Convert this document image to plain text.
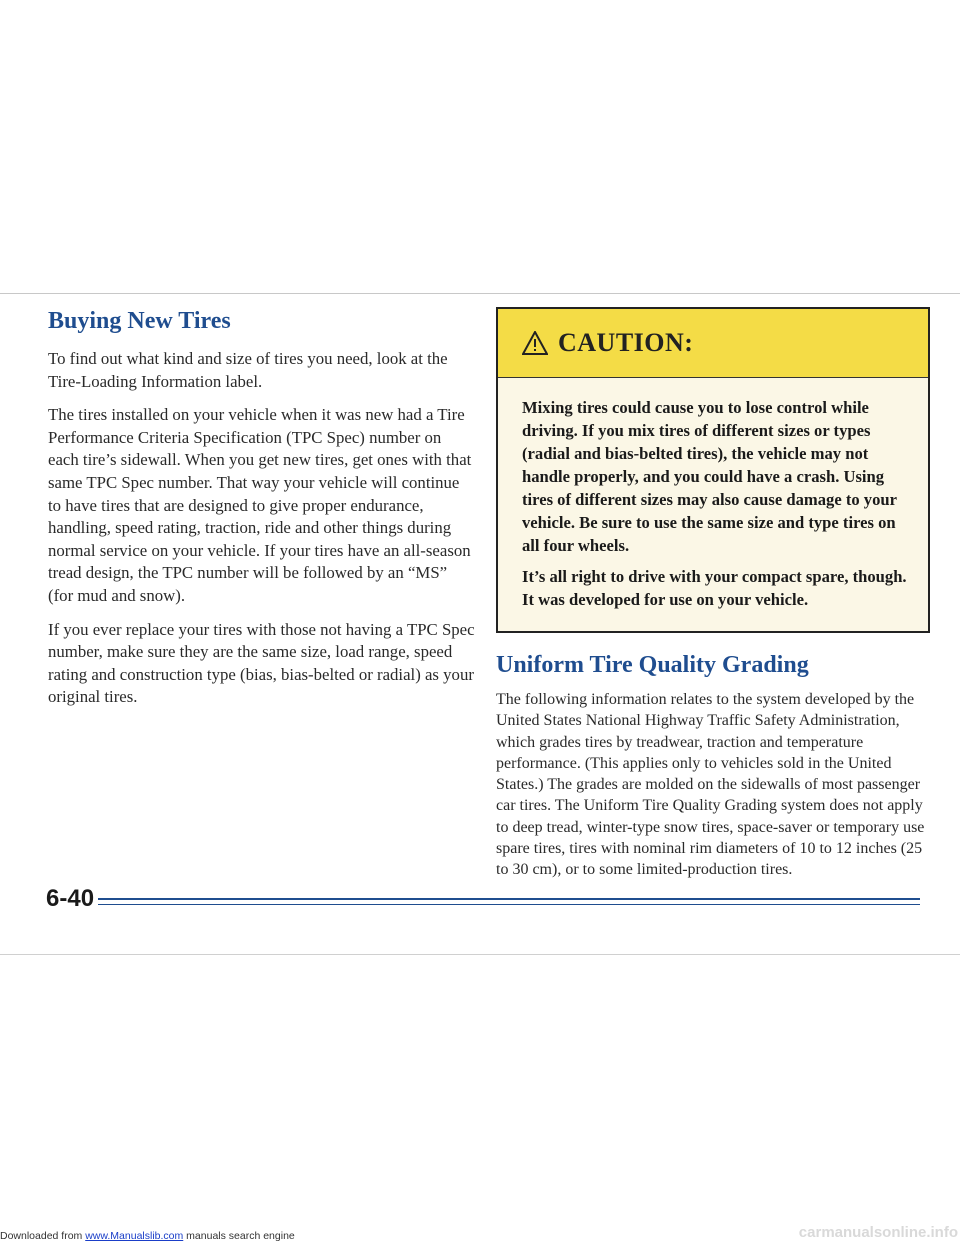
Buying New Tires

To find out what kind and size of tires you need, look at the Tire-Loading Information label.

The tires installed on your vehicle when it was new had a Tire Performance Criteria Specification (TPC Spec) number on each tire’s sidewall. When you get new tires, get ones with that same TPC Spec number. That way your vehicle will continue to have tires that are designed to give proper endurance, handling, speed rating, traction, ride and other things during normal service on your vehicle. If your tires have an all-season tread design, the TPC number will be followed by an “MS” (for mud and snow).

If you ever replace your tires with those not having a TPC Spec number, make sure they are the same size, load range, speed rating and construction type (bias, bias-belted or radial) as your original tires.

CAUTION:

Mixing tires could cause you to lose control while driving. If you mix tires of different sizes or types (radial and bias-belted tires), the vehicle may not handle properly, and you could have a crash. Using tires of different sizes may also cause damage to your vehicle. Be sure to use the same size and type tires on all four wheels.

It’s all right to drive with your compact spare, though. It was developed for use on your vehicle.

Uniform Tire Quality Grading

The following information relates to the system developed by the United States National Highway Traffic Safety Administration, which grades tires by treadwear, traction and temperature performance. (This applies only to vehicles sold in the United States.) The grades are molded on the sidewalls of most passenger car tires. The Uniform Tire Quality Grading system does not apply to deep tread, winter-type snow tires, space-saver or temporary use spare tires, tires with nominal rim diameters of 10 to 12 inches (25 to 30 cm), or to some limited-production tires.

6-40
Downloaded from www.Manualslib.com manuals search engine	carmanualsonline.info
